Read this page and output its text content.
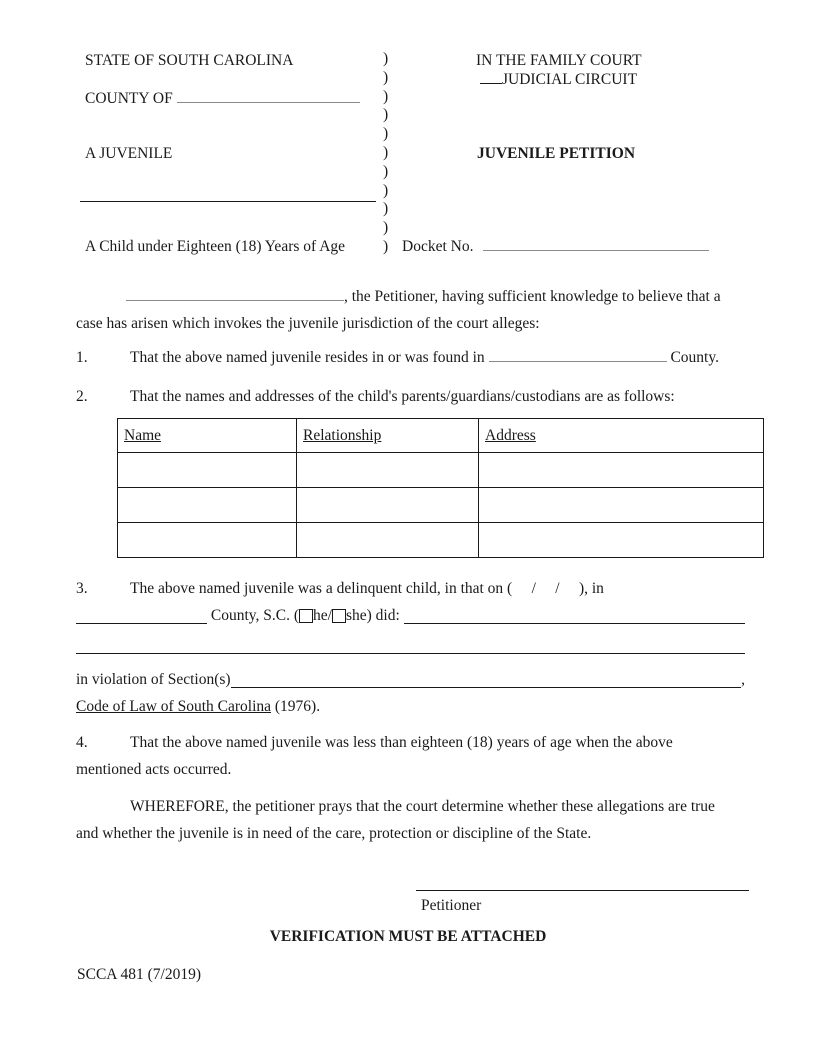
STATE OF SOUTH CAROLINA
COUNTY OF
A JUVENILE
A Child under Eighteen (18) Years of Age
)
)
)
)
)
)
)
)
)
)
)
IN THE FAMILY COURT
JUDICIAL CIRCUIT
JUVENILE PETITION
Docket No.
, the Petitioner, having sufficient knowledge to believe that a
case has arisen which invokes the juvenile jurisdiction of the court alleges:
1.	That the above named juvenile resides in or was found in	County.
2.	That the names and addresses of the child's parents/guardians/custodians are as follows:
Name	Relationship	Address

3.	The above named juvenile was a delinquent child, in that on (     /     /     ), in
County, S.C. ( he/ she) did:
in violation of Section(s)	,
Code of Law of South Carolina (1976).
4.	That the above named juvenile was less than eighteen (18) years of age when the above
mentioned acts occurred.
WHEREFORE, the petitioner prays that the court determine whether these allegations are true
and whether the juvenile is in need of the care, protection or discipline of the State.
Petitioner
VERIFICATION MUST BE ATTACHED
SCCA 481 (7/2019)
